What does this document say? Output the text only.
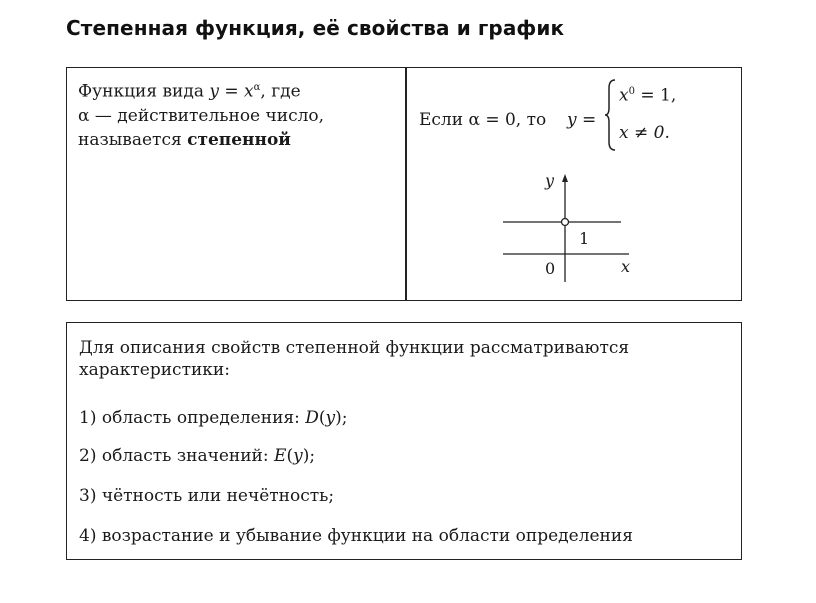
Степенная функция, её свойства и график
Функция вида $y = x^\alpha$, где
α — действительное число,
называется степенной
Если α = 0, то y =
$x^0 = 1$,
x ≠ 0.
y
x
0
1
Для описания свойств степенной функции рассматриваются
характеристики:
1) область определения: D(y);
2) область значений: E(y);
3) чётность или нечётность;
4) возрастание и убывание функции на области определения
